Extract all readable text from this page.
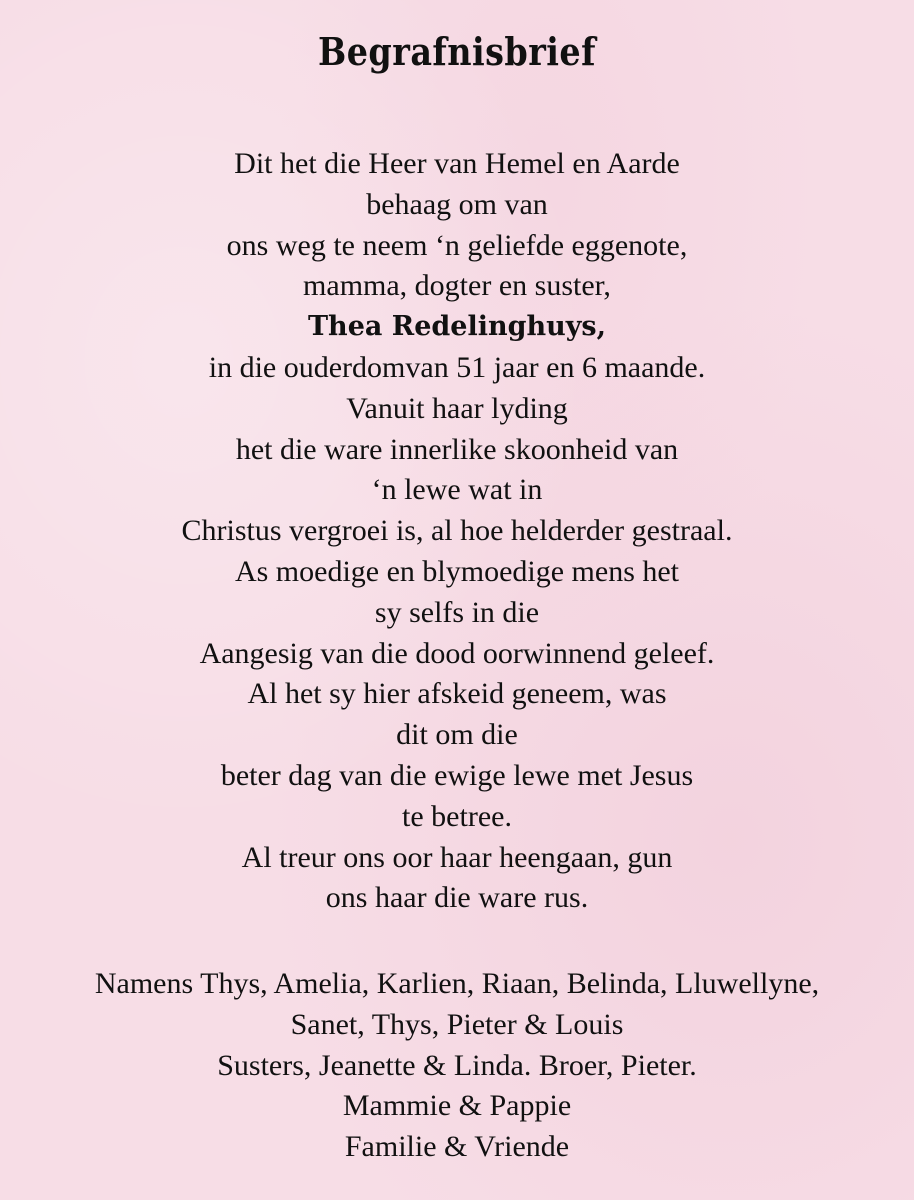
Begrafnisbrief
Dit het die Heer van Hemel en Aarde
behaag om van
ons weg te neem ‘n geliefde eggenote,
mamma, dogter en suster,
Thea Redelinghuys,
in die ouderdomvan 51 jaar en 6 maande.
Vanuit haar lyding
het die ware innerlike skoonheid van
‘n lewe wat in
Christus vergroei is, al hoe helderder gestraal.
As moedige en blymoedige mens het
sy selfs in die
Aangesig van die dood oorwinnend geleef.
Al het sy hier afskeid geneem, was
dit om die
beter dag van die ewige lewe met Jesus
te betree.
Al treur ons oor haar heengaan, gun
ons haar die ware rus.
Namens Thys, Amelia, Karlien, Riaan, Belinda, Lluwellyne,
Sanet, Thys, Pieter & Louis
Susters, Jeanette & Linda. Broer, Pieter.
Mammie & Pappie
Familie & Vriende
